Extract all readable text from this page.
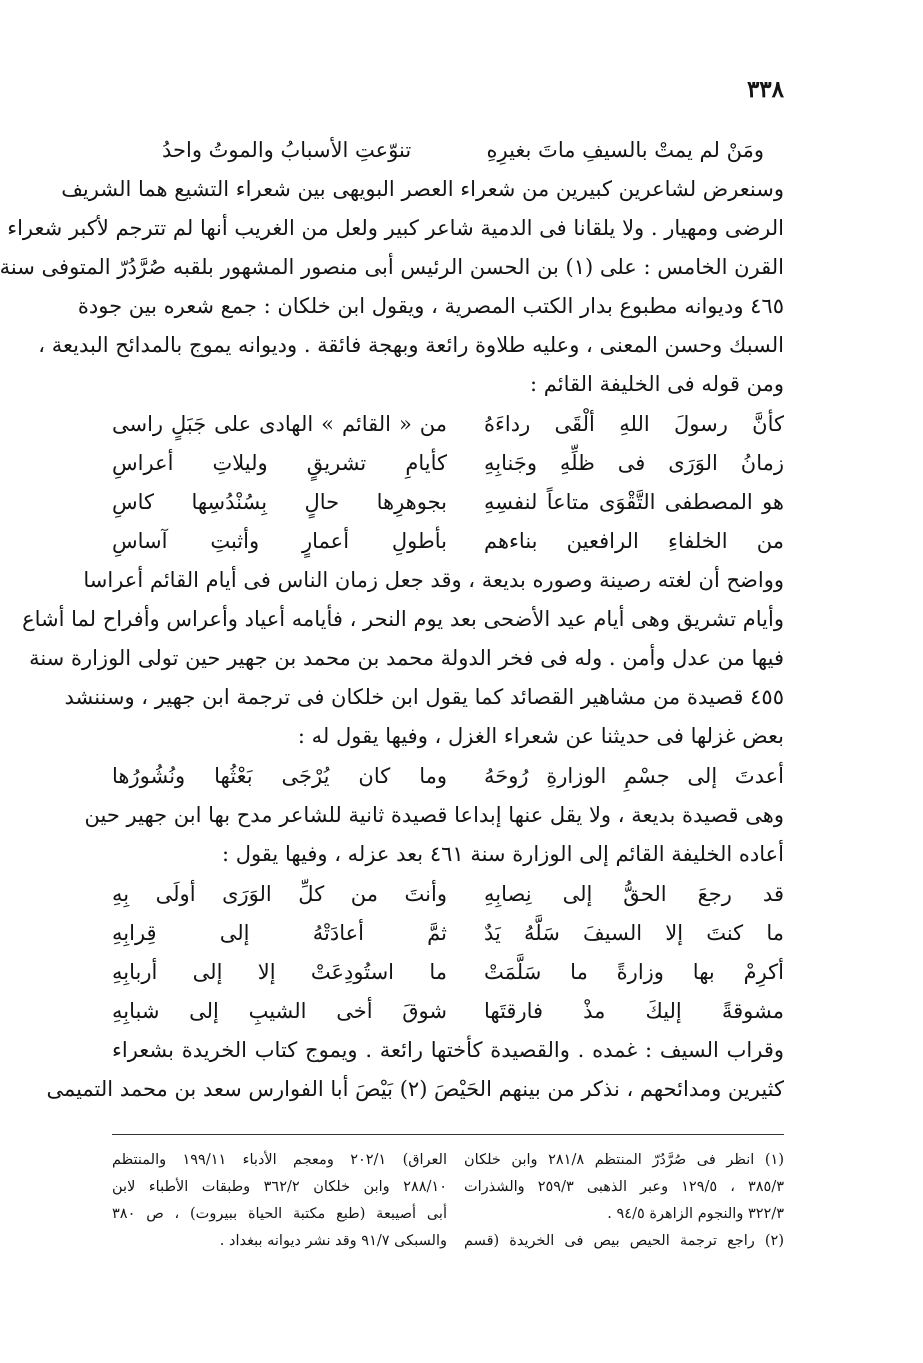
٣٣٨
ومَنْ لم يمتْ بالسيفِ ماتَ بغيرِهِ
تنوّعتِ الأسبابُ والموتُ واحدُ
وسنعرض لشاعرين كبيرين من شعراء العصر البويهى بين شعراء التشيع هما الشريف
الرضى ومهيار . ولا يلقانا فى الدمية شاعر كبير ولعل من الغريب أنها لم تترجم لأكبر شعراء
القرن الخامس : على (١) بن الحسن الرئيس أبى منصور المشهور بلقبه صُرَّدُرّ المتوفى سنة
٤٦٥ وديوانه مطبوع بدار الكتب المصرية ، ويقول ابن خلكان : جمع شعره بين جودة
السبك وحسن المعنى ، وعليه طلاوة رائعة وبهجة فائقة . وديوانه يموج بالمدائح البديعة ،
ومن قوله فى الخليفة القائم :
كأنَّ رسولَ اللهِ ألْقَى رداءَهُ
من « القائم » الهادى على جَبَلٍ راسى
زمانُ الوَرَى فى ظلِّهِ وجَنابِهِ
كأيامِ تشريقٍ وليلاتِ أعراسِ
هو المصطفى التَّقْوَى متاعاً لنفسِهِ
بجوهرِها حالٍ بِسُنْدُسِها كاسِ
من الخلفاءِ الرافعين بناءهم
بأطولِ أعمارٍ وأثبتِ آساسِ
وواضح أن لغته رصينة وصوره بديعة ، وقد جعل زمان الناس فى أيام القائم أعراسا
وأيام تشريق وهى أيام عيد الأضحى بعد يوم النحر ، فأيامه أعياد وأعراس وأفراح لما أشاع
فيها من عدل وأمن . وله فى فخر الدولة محمد بن محمد بن جهير حين تولى الوزارة سنة
٤٥٥ قصيدة من مشاهير القصائد كما يقول ابن خلكان فى ترجمة ابن جهير ، وسننشد
بعض غزلها فى حديثنا عن شعراء الغزل ، وفيها يقول له :
أعدتَ إلى جسْمِ الوزارةِ رُوحَهُ
وما كان يُرْجَى بَعْثُها ونُشُورُها
وهى قصيدة بديعة ، ولا يقل عنها إبداعا قصيدة ثانية للشاعر مدح بها ابن جهير حين
أعاده الخليفة القائم إلى الوزارة سنة ٤٦١ بعد عزله ، وفيها يقول :
قد رجعَ الحقُّ إلى نِصابِهِ
وأنتَ من كلِّ الوَرَى أولَى بِهِ
ما كنتَ إلا السيفَ سَلَّهُ يَدٌ
ثمَّ أعادَتْهُ إلى قِرابِهِ
أكرِمْ بها وزارةً ما سَلَّمَتْ
ما استُودِعَتْ إلا إلى أربابِهِ
مشوقةً إليكَ مذْ فارقتَها
شوقَ أخى الشيبِ إلى شبابِهِ
وقراب السيف : غمده . والقصيدة كأختها رائعة . ويموج كتاب الخريدة بشعراء
كثيرين ومدائحهم ، نذكر من بينهم الحَيْصَ (٢) بَيْصَ أبا الفوارس سعد بن محمد التميمى
(١) انظر فى صُرَّدُرّ المنتظم ٢٨١/٨ وابن خلكان
٣٨٥/٣ ، ١٢٩/٥ وعبر الذهبى ٢٥٩/٣ والشذرات
٣٢٢/٣ والنجوم الزاهرة ٩٤/٥ .
(٢) راجع ترجمة الحيص بيص فى الخريدة (قسم
العراق) ٢٠٢/١ ومعجم الأدباء ١٩٩/١١ والمنتظم
٢٨٨/١٠ وابن خلكان ٣٦٢/٢ وطبقات الأطباء لابن
أبى أصيبعة (طبع مكتبة الحياة ببيروت) ، ص ٣٨٠
والسبكى ٩١/٧ وقد نشر ديوانه ببغداد .
